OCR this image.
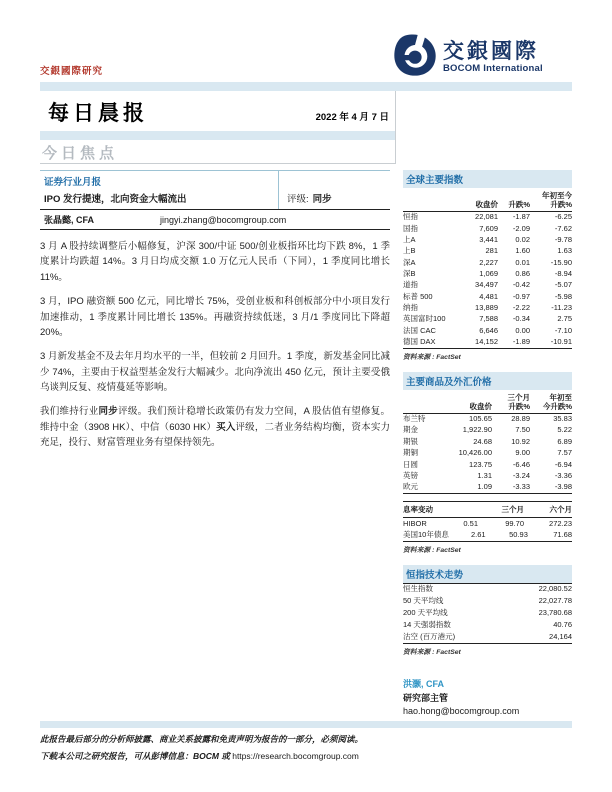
交銀國際研究
交銀國際
BOCOM International
每日晨报	2022 年 4 月 7 日
今日焦点
证券行业月报
IPO 发行提速，北向资金大幅流出	评级: 同步
张晶懿, CFA	jingyi.zhang@bocomgroup.com

3 月 A 股持续调整后小幅修复，沪深 300/中证 500/创业板指环比均下跌 8%，1 季度累计均跌超 14%。3 月日均成交额 1.0 万亿元人民币（下同），1 季度同比增长 11%。

3 月，IPO 融资额 500 亿元，同比增长 75%，受创业板和科创板部分中小项目发行加速推动，1 季度累计同比增长 135%。再融资持续低迷，3 月/1 季度同比下降超 20%。

3 月新发基金不及去年月均水平的一半，但较前 2 月回升。1 季度，新发基金同比减少 74%，主要由于权益型基金发行大幅减少。北向净流出 450 亿元，预计主要受俄乌谈判反复、疫情蔓延等影响。

我们维持行业同步评级。我们预计稳增长政策仍有发力空间，A 股估值有望修复。维持中金（3908 HK）、中信（6030 HK）买入评级，二者业务结构均衡，资本实力充足，投行、财富管理业务有望保持领先。

全球主要指数
收盘价	升跌%
年初至今
升跌%
恒指	22,081	-1.87	-6.25
国指	7,609	-2.09	-7.62
上A	3,441	0.02	-9.78
上B	281	1.60	1.63
深A	2,227	0.01	-15.90
深B	1,069	0.86	-8.94
道指	34,497	-0.42	-5.07
标普 500	4,481	-0.97	-5.98
纳指	13,889	-2.22	-11.23
英国富时100	7,588	-0.34	2.75
法国 CAC	6,646	0.00	-7.10
德国 DAX	14,152	-1.89	-10.91
资料来源 : FactSet
主要商品及外汇价格
收盘价
三个月
升跌%
年初至
今升跌%
布兰特	105.65	28.89	35.83
期金	1,922.90	7.50	5.22
期银	24.68	10.92	6.89
期铜	10,426.00	9.00	7.57
日圆	123.75	-6.46	-6.94
英镑	1.31	-3.24	-3.36
欧元	1.09	-3.33	-3.98
息率变动	三个月	六个月
HIBOR	0.51	99.70	272.23
美国10年债息	2.61	50.93	71.68
资料来源 : FactSet
恒指技术走势
恒生指数	22,080.52
50 天平均线	22,027.78
200 天平均线	23,780.68
14 天强弱指数	40.76
沽空 (百万港元)	24,164
资料来源 : FactSet
洪灏, CFA
研究部主管
hao.hong@bocomgroup.com
此报告最后部分的分析师披露、商业关系披露和免责声明为报告的一部分，必须阅读。
下载本公司之研究报告，可从彭博信息：BOCM 或 https://research.bocomgroup.com
